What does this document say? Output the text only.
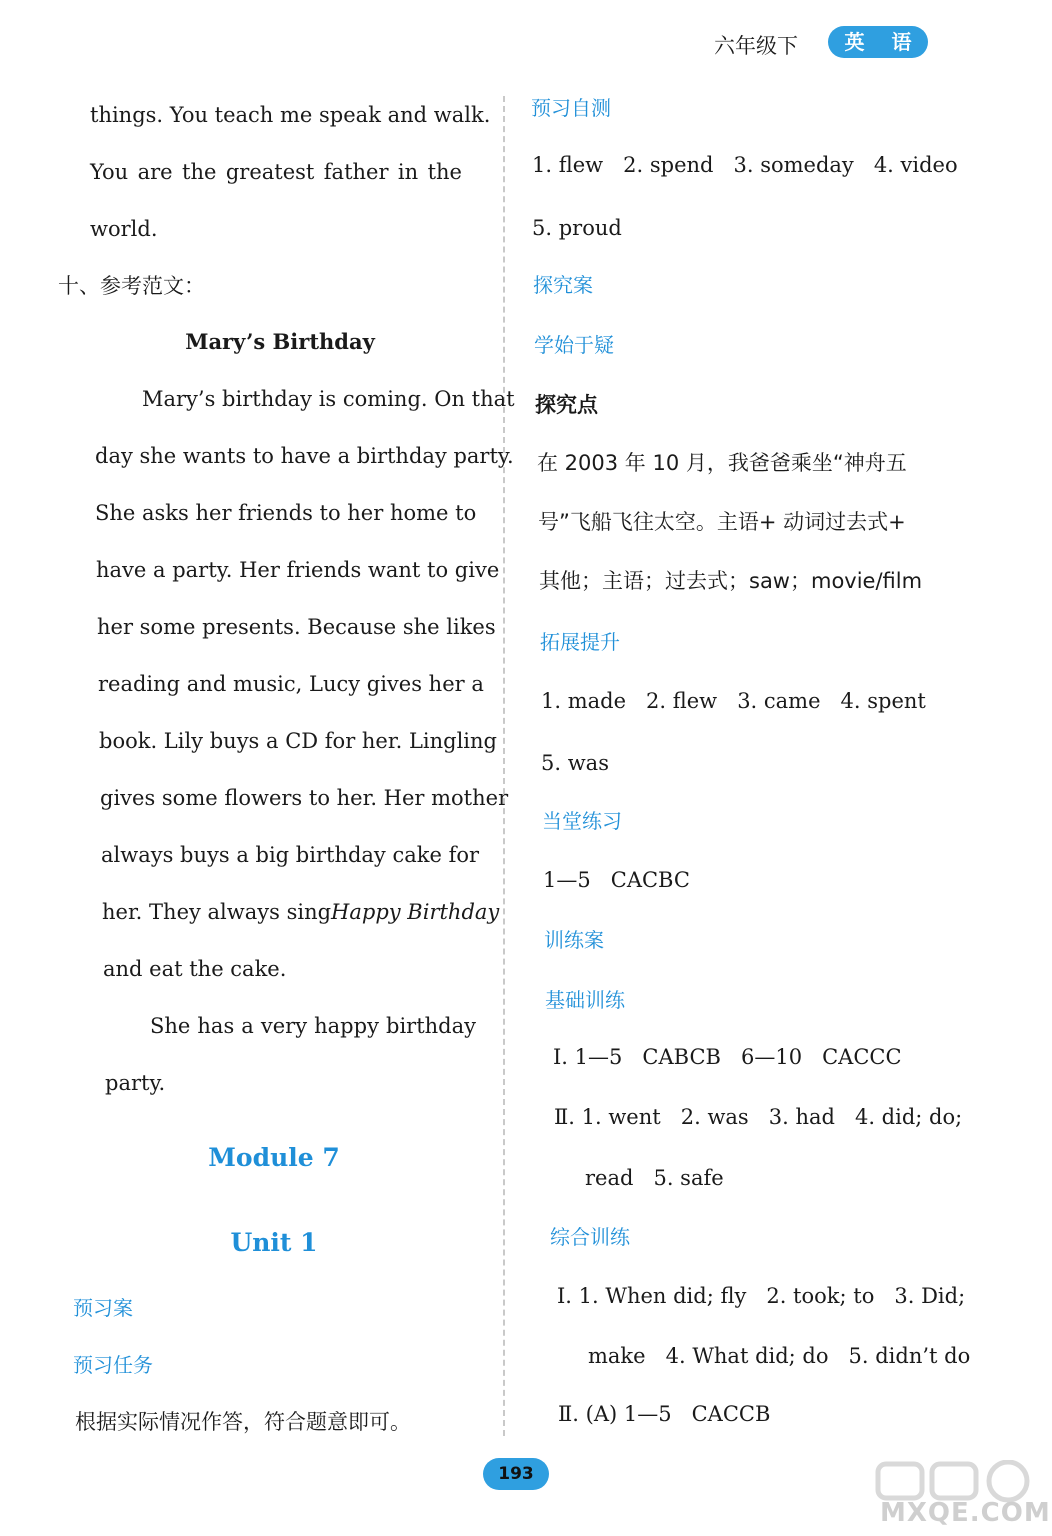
六年级下	英 语
things. You teach me speak and walk.
You are the greatest father in the
world.
十、参考范文：
Mary’s Birthday
Mary’s birthday is coming. On that
day she wants to have a birthday party.
She asks her friends to her home to
have a party. Her friends want to give
her some presents. Because she likes
reading and music, Lucy gives her a
book. Lily buys a CD for her. Lingling
gives some flowers to her. Her mother
always buys a big birthday cake for
her. They always sing Happy Birthday
and eat the cake.
She has a very happy birthday
party.
Module 7
Unit 1
预习案
预习任务
根据实际情况作答，符合题意即可。
预习自测
1. flew   2. spend   3. someday   4. video
5. proud
探究案
学始于疑
探究点
在 2003 年 10 月，我爸爸乘坐“神舟五
号”飞船飞往太空。主语+ 动词过去式+
其他；主语；过去式；saw；movie/film
拓展提升
1. made   2. flew   3. came   4. spent
5. was
当堂练习
1—5   CACBC
训练案
基础训练
Ⅰ. 1—5   CABCB   6—10   CACCC
Ⅱ. 1. went   2. was   3. had   4. did; do;
read   5. safe
综合训练
Ⅰ. 1. When did; fly   2. took; to   3. Did;
make   4. What did; do   5. didn’t do
Ⅱ. (A) 1—5   CACCB
193
MXQE.COM
